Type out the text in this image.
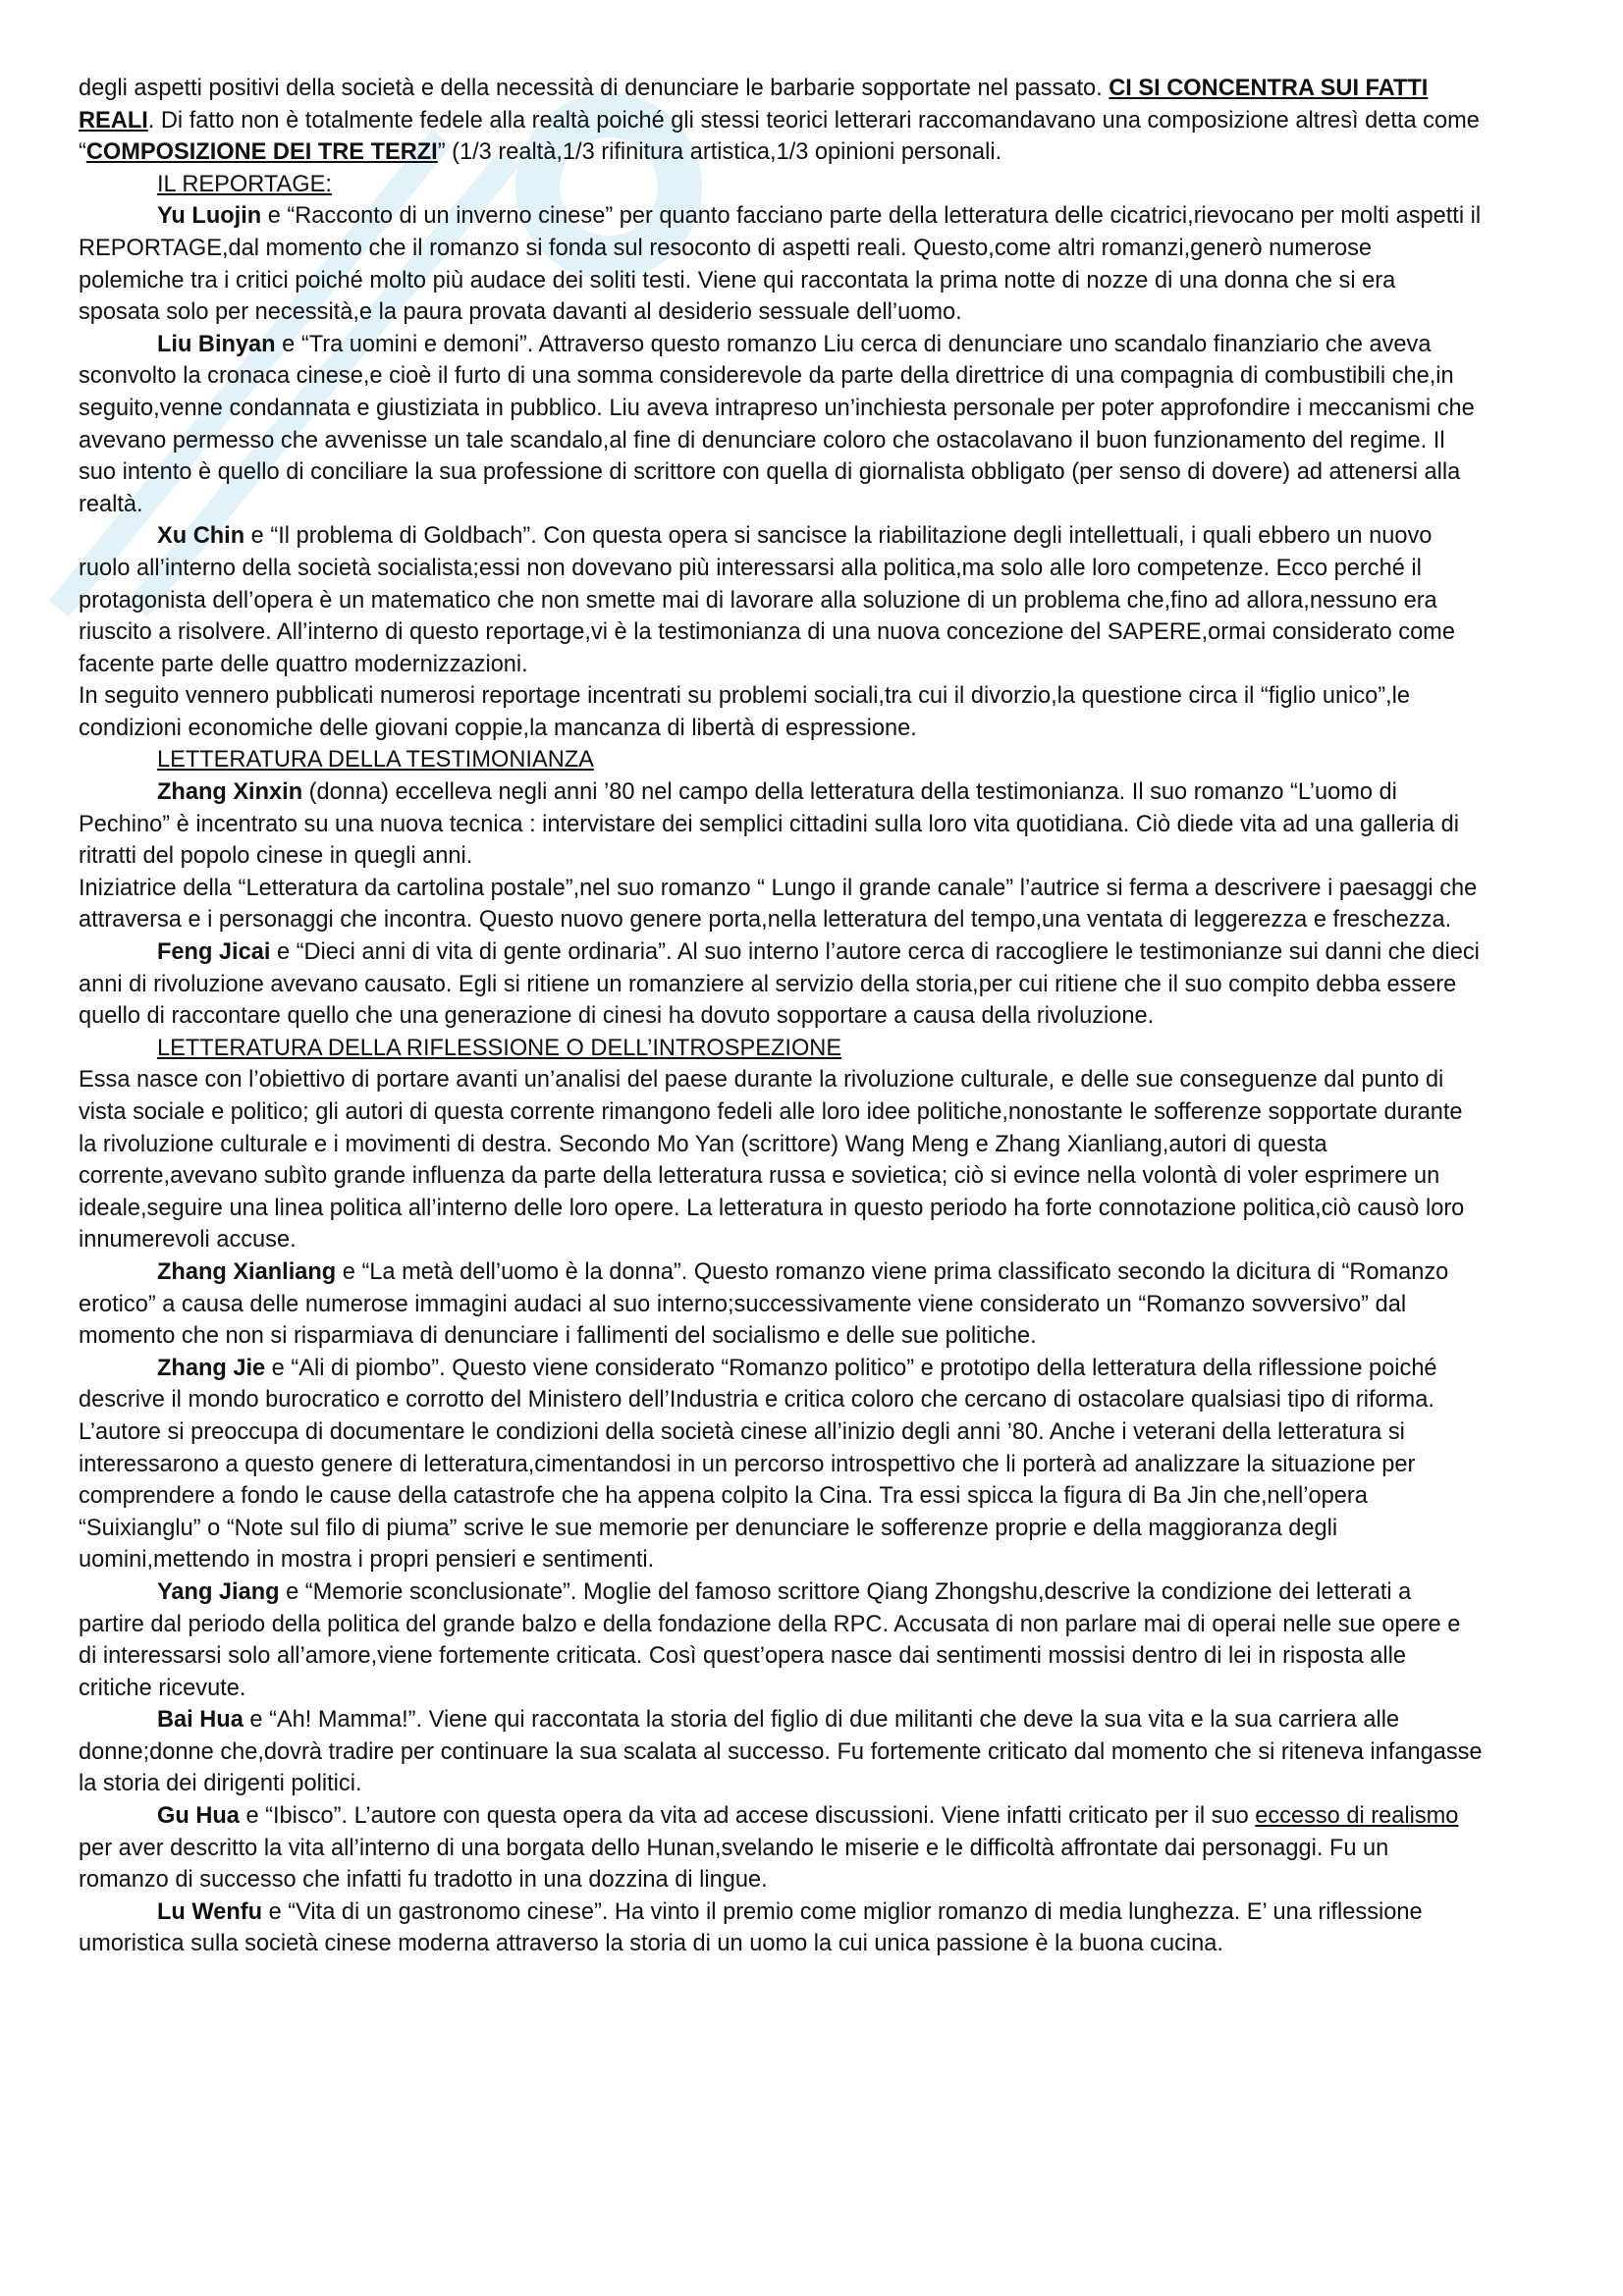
degli aspetti positivi della società e della necessità di denunciare le barbarie sopportate nel passato. CI SI CONCENTRA SUI FATTI REALI. Di fatto non è totalmente fedele alla realtà poiché gli stessi teorici letterari raccomandavano una composizione altresì detta come “COMPOSIZIONE DEI TRE TERZI” (1/3 realtà,1/3 rifinitura artistica,1/3 opinioni personali.

IL REPORTAGE:

Yu Luojin e “Racconto di un inverno cinese” per quanto facciano parte della letteratura delle cicatrici,rievocano per molti aspetti il REPORTAGE,dal momento che il romanzo si fonda sul resoconto di aspetti reali. Questo,come altri romanzi,generò numerose polemiche tra i critici poiché molto più audace dei soliti testi. Viene qui raccontata la prima notte di nozze di una donna che si era sposata solo per necessità,e la paura provata davanti al desiderio sessuale dell’uomo.

Liu Binyan e “Tra uomini e demoni”. Attraverso questo romanzo Liu cerca di denunciare uno scandalo finanziario che aveva sconvolto la cronaca cinese,e cioè il furto di una somma considerevole da parte della direttrice di una compagnia di combustibili che,in seguito,venne condannata e giustiziata in pubblico. Liu aveva intrapreso un’inchiesta personale per poter approfondire i meccanismi che avevano permesso che avvenisse un tale scandalo,al fine di denunciare coloro che ostacolavano il buon funzionamento del regime. Il suo intento è quello di conciliare la sua professione di scrittore con quella di giornalista obbligato (per senso di dovere) ad attenersi alla realtà.

Xu Chin e “Il problema di Goldbach”. Con questa opera si sancisce la riabilitazione degli intellettuali, i quali ebbero un nuovo ruolo all’interno della società socialista;essi non dovevano più interessarsi alla politica,ma solo alle loro competenze. Ecco perché il protagonista dell’opera è un matematico che non smette mai di lavorare alla soluzione di un problema che,fino ad allora,nessuno era riuscito a risolvere. All’interno di questo reportage,vi è la testimonianza di una nuova concezione del SAPERE,ormai considerato come facente parte delle quattro modernizzazioni.

In seguito vennero pubblicati numerosi reportage incentrati su problemi sociali,tra cui il divorzio,la questione circa il “figlio unico”,le condizioni economiche delle giovani coppie,la mancanza di libertà di espressione.

LETTERATURA DELLA TESTIMONIANZA

Zhang Xinxin (donna) eccelleva negli anni ’80 nel campo della letteratura della testimonianza. Il suo romanzo “L’uomo di Pechino” è incentrato su una nuova tecnica : intervistare dei semplici cittadini sulla loro vita quotidiana. Ciò diede vita ad una galleria di ritratti del popolo cinese in quegli anni.

Iniziatrice della “Letteratura da cartolina postale”,nel suo romanzo “ Lungo il grande canale” l’autrice si ferma a descrivere i paesaggi che attraversa e i personaggi che incontra. Questo nuovo genere porta,nella letteratura del tempo,una ventata di leggerezza e freschezza.

Feng Jicai e “Dieci anni di vita di gente ordinaria”. Al suo interno l’autore cerca di raccogliere le testimonianze sui danni che dieci anni di rivoluzione avevano causato. Egli si ritiene un romanziere al servizio della storia,per cui ritiene che il suo compito debba essere quello di raccontare quello che una generazione di cinesi ha dovuto sopportare a causa della rivoluzione.

LETTERATURA DELLA RIFLESSIONE O DELL’INTROSPEZIONE

Essa nasce con l’obiettivo di portare avanti un’analisi del paese durante la rivoluzione culturale, e delle sue conseguenze dal punto di vista sociale e politico; gli autori di questa corrente rimangono fedeli alle loro idee politiche,nonostante le sofferenze sopportate durante la rivoluzione culturale e i movimenti di destra. Secondo Mo Yan (scrittore) Wang Meng e Zhang Xianliang,autori di questa corrente,avevano subìto grande influenza da parte della letteratura russa e sovietica; ciò si evince nella volontà di voler esprimere un ideale,seguire una linea politica all’interno delle loro opere. La letteratura in questo periodo ha forte connotazione politica,ciò causò loro innumerevoli accuse.

Zhang Xianliang e “La metà dell’uomo è la donna”. Questo romanzo viene prima classificato secondo la dicitura di “Romanzo erotico” a causa delle numerose immagini audaci al suo interno;successivamente viene considerato un “Romanzo sovversivo” dal momento che non si risparmiava di denunciare i fallimenti del socialismo e delle sue politiche.

Zhang Jie e “Ali di piombo”. Questo viene considerato “Romanzo politico” e prototipo della letteratura della riflessione poiché descrive il mondo burocratico e corrotto del Ministero dell’Industria e critica coloro che cercano di ostacolare qualsiasi tipo di riforma. L’autore si preoccupa di documentare le condizioni della società cinese all’inizio degli anni ’80. Anche i veterani della letteratura si interessarono a questo genere di letteratura,cimentandosi in un percorso introspettivo che li porterà ad analizzare la situazione per comprendere a fondo le cause della catastrofe che ha appena colpito la Cina. Tra essi spicca la figura di Ba Jin che,nell’opera “Suixianglu” o “Note sul filo di piuma” scrive le sue memorie per denunciare le sofferenze proprie e della maggioranza degli uomini,mettendo in mostra i propri pensieri e sentimenti.

Yang Jiang e “Memorie sconclusionate”. Moglie del famoso scrittore Qiang Zhongshu,descrive la condizione dei letterati a partire dal periodo della politica del grande balzo e della fondazione della RPC. Accusata di non parlare mai di operai nelle sue opere e di interessarsi solo all’amore,viene fortemente criticata. Così quest’opera nasce dai sentimenti mossisi dentro di lei in risposta alle critiche ricevute.

Bai Hua e “Ah! Mamma!”. Viene qui raccontata la storia del figlio di due militanti che deve la sua vita e la sua carriera alle donne;donne che,dovrà tradire per continuare la sua scalata al successo. Fu fortemente criticato dal momento che si riteneva infangasse la storia dei dirigenti politici.

Gu Hua e “Ibisco”. L’autore con questa opera da vita ad accese discussioni. Viene infatti criticato per il suo eccesso di realismo per aver descritto la vita all’interno di una borgata dello Hunan,svelando le miserie e le difficoltà affrontate dai personaggi. Fu un romanzo di successo che infatti fu tradotto in una dozzina di lingue.

Lu Wenfu e “Vita di un gastronomo cinese”. Ha vinto il premio come miglior romanzo di media lunghezza. E’ una riflessione umoristica sulla società cinese moderna attraverso la storia di un uomo la cui unica passione è la buona cucina.
